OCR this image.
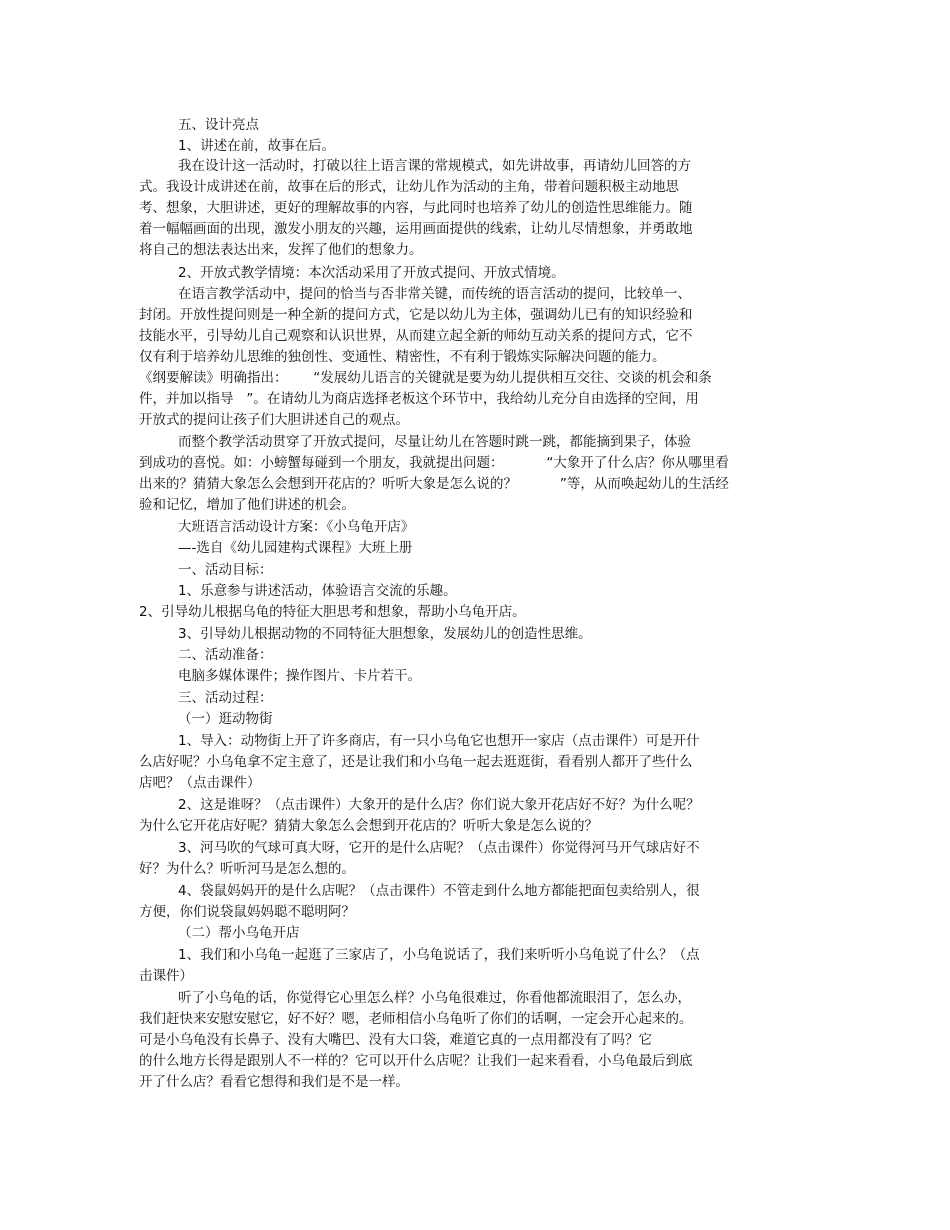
五、设计亮点

1、讲述在前，故事在后。

我在设计这一活动时，打破以往上语言课的常规模式，如先讲故事，再请幼儿回答的方

式。我设计成讲述在前，故事在后的形式，让幼儿作为活动的主角，带着问题积极主动地思

考、想象，大胆讲述，更好的理解故事的内容，与此同时也培养了幼儿的创造性思维能力。随

着一幅幅画面的出现，激发小朋友的兴趣，运用画面提供的线索，让幼儿尽情想象，并勇敢地

将自己的想法表达出来，发挥了他们的想象力。

2、开放式教学情境：本次活动采用了开放式提问、开放式情境。

在语言教学活动中，提问的恰当与否非常关键，而传统的语言活动的提问，比较单一、

封闭。开放性提问则是一种全新的提问方式，它是以幼儿为主体，强调幼儿已有的知识经验和

技能水平，引导幼儿自己观察和认识世界，从而建立起全新的师幼互动关系的提问方式，它不

仅有利于培养幼儿思维的独创性、变通性、精密性，不有利于锻炼实际解决问题的能力。

《纲要解读》明确指出：      “发展幼儿语言的关键就是要为幼儿提供相互交往、交谈的机会和条

件，并加以指导   ”。在请幼儿为商店选择老板这个环节中，我给幼儿充分自由选择的空间，用

开放式的提问让孩子们大胆讲述自己的观点。

而整个教学活动贯穿了开放式提问，尽量让幼儿在答题时跳一跳，都能摘到果子，体验

到成功的喜悦。如：小螃蟹每碰到一个朋友，我就提出问题：          “大象开了什么店？你从哪里看

出来的？猜猜大象怎么会想到开花店的？听听大象是怎么说的？          ”等，从而唤起幼儿的生活经

验和记忆，增加了他们讲述的机会。

大班语言活动设计方案：《小乌龟开店》

—-选自《幼儿园建构式课程》大班上册

一、活动目标：

1、乐意参与讲述活动，体验语言交流的乐趣。

2、引导幼儿根据乌龟的特征大胆思考和想象，帮助小乌龟开店。

3、引导幼儿根据动物的不同特征大胆想象，发展幼儿的创造性思维。

二、活动准备：

电脑多媒体课件；操作图片、卡片若干。

三、活动过程：

（一）逛动物街

1、导入：动物街上开了许多商店，有一只小乌龟它也想开一家店（点击课件）可是开什

么店好呢？小乌龟拿不定主意了，还是让我们和小乌龟一起去逛逛街，看看别人都开了些什么

店吧？（点击课件）

2、这是谁呀？（点击课件）大象开的是什么店？你们说大象开花店好不好？为什么呢？

为什么它开花店好呢？猜猜大象怎么会想到开花店的？听听大象是怎么说的？

3、河马吹的气球可真大呀，它开的是什么店呢？（点击课件）你觉得河马开气球店好不

好？为什么？听听河马是怎么想的。

4、袋鼠妈妈开的是什么店呢？（点击课件）不管走到什么地方都能把面包卖给别人，很

方便，你们说袋鼠妈妈聪不聪明阿？

（二）帮小乌龟开店

1、我们和小乌龟一起逛了三家店了，小乌龟说话了，我们来听听小乌龟说了什么？（点

击课件）

听了小乌龟的话，你觉得它心里怎么样？小乌龟很难过，你看他都流眼泪了，怎么办，

我们赶快来安慰安慰它，好不好？嗯，老师相信小乌龟听了你们的话啊，一定会开心起来的。

可是小乌龟没有长鼻子、没有大嘴巴、没有大口袋，难道它真的一点用都没有了吗？它

的什么地方长得是跟别人不一样的？它可以开什么店呢？让我们一起来看看，小乌龟最后到底

开了什么店？看看它想得和我们是不是一样。
